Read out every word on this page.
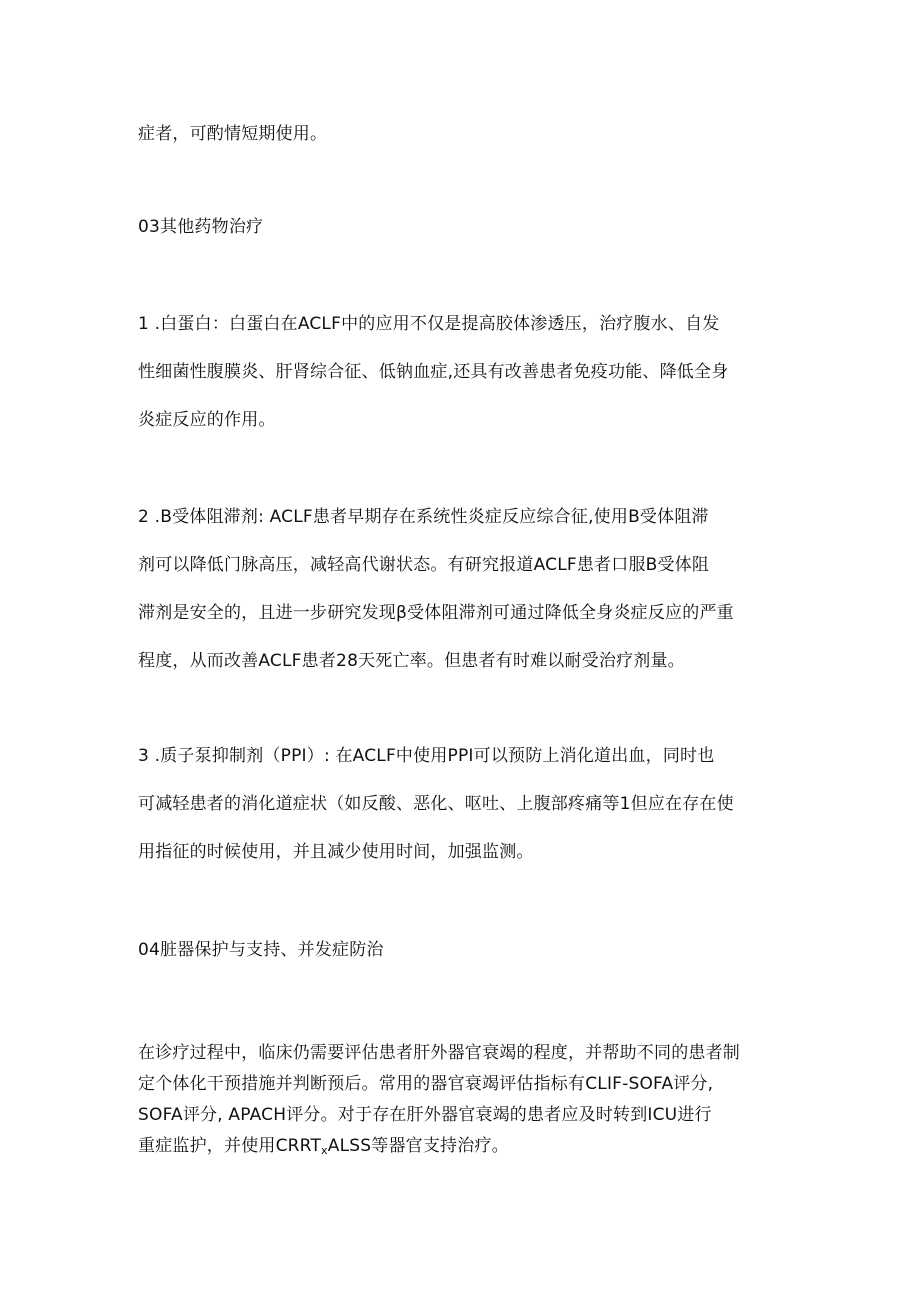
症者，可酌情短期使用。

03其他药物治疗

1 .白蛋白：白蛋白在ACLF中的应用不仅是提高胶体渗透压，治疗腹水、自发
性细菌性腹膜炎、肝肾综合征、低钠血症,还具有改善患者免疫功能、降低全身
炎症反应的作用。

2 .B受体阻滞剂: ACLF患者早期存在系统性炎症反应综合征,使用B受体阻滞
剂可以降低门脉高压，减轻高代谢状态。有研究报道ACLF患者口服B受体阻
滞剂是安全的，且进一步研究发现β受体阻滞剂可通过降低全身炎症反应的严重
程度，从而改善ACLF患者28天死亡率。但患者有时难以耐受治疗剂量。

3 .质子泵抑制剂（PPI）: 在ACLF中使用PPI可以预防上消化道出血，同时也
可减轻患者的消化道症状（如反酸、恶化、呕吐、上腹部疼痛等1但应在存在使
用指征的时候使用，并且减少使用时间，加强监测。

04脏器保护与支持、并发症防治

在诊疗过程中，临床仍需要评估患者肝外器官衰竭的程度，并帮助不同的患者制
定个体化干预措施并判断预后。常用的器官衰竭评估指标有CLIF-SOFA评分,
SOFA评分, APACH评分。对于存在肝外器官衰竭的患者应及时转到ICU进行
重症监护，并使用$CRRT_xALSS$等器官支持治疗。
